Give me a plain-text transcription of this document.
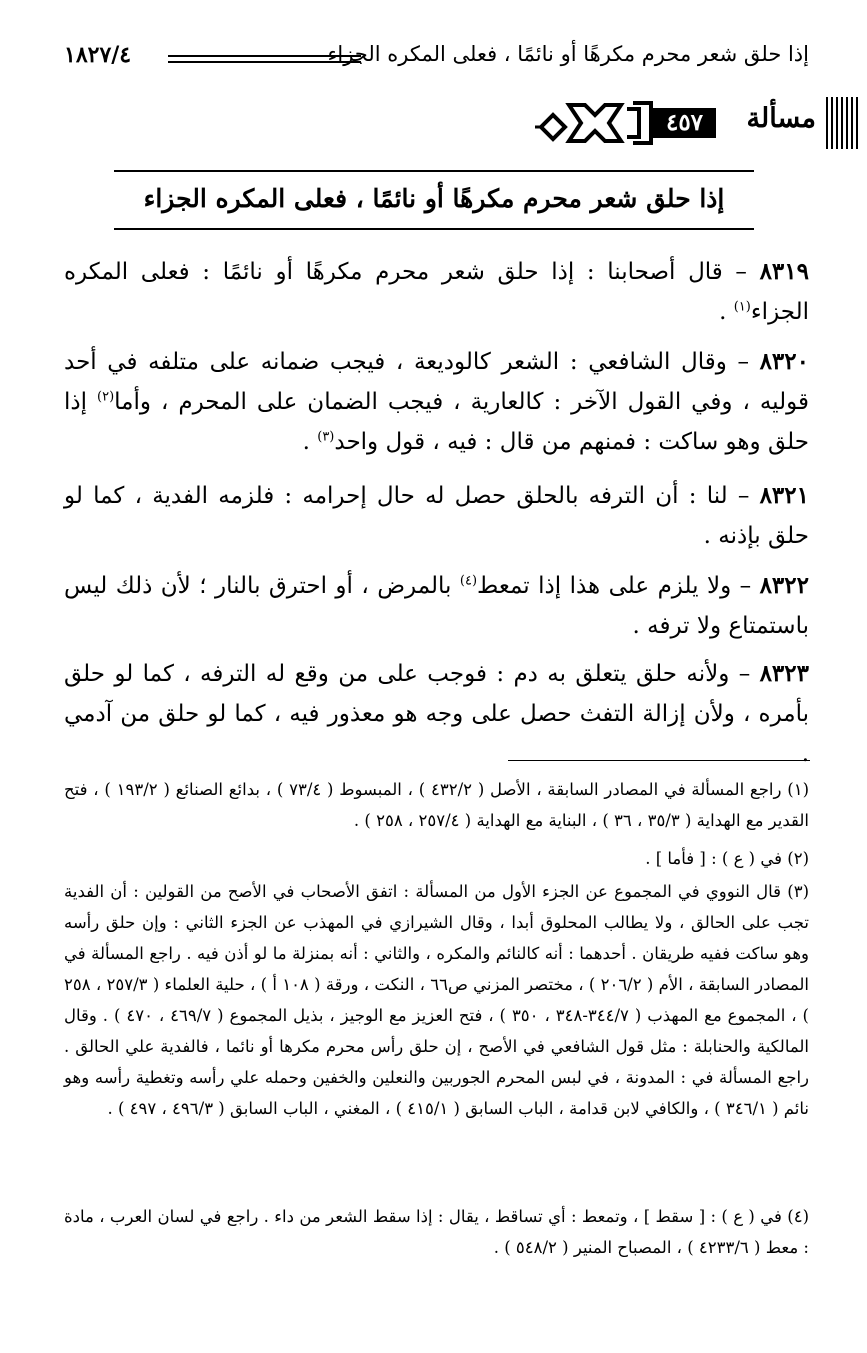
إذا حلق شعر محرم مكرهًا أو نائمًا ، فعلى المكره الجزاء
١٨٢٧/٤
مسألة
٤٥٧
إذا حلق شعر محرم مكرهًا أو نائمًا ، فعلى المكره الجزاء
٨٣١٩ – قال أصحابنا : إذا حلق شعر محرم مكرهًا أو نائمًا : فعلى المكره الجزاء$^{(١)}$ .
٨٣٢٠ – وقال الشافعي : الشعر كالوديعة ، فيجب ضمانه على متلفه في أحد قوليه ، وفي القول الآخر : كالعارية ، فيجب الضمان على المحرم ، وأما$^{(٢)}$ إذا حلق وهو ساكت : فمنهم من قال : فيه ، قول واحد$^{(٣)}$ .
٨٣٢١ – لنا : أن الترفه بالحلق حصل له حال إحرامه : فلزمه الفدية ، كما لو حلق بإذنه .
٨٣٢٢ – ولا يلزم على هذا إذا تمعط$^{(٤)}$ بالمرض ، أو احترق بالنار ؛ لأن ذلك ليس باستمتاع ولا ترفه .
٨٣٢٣ – ولأنه حلق يتعلق به دم : فوجب على من وقع له الترفه ، كما لو حلق بأمره ، ولأن إزالة التفث حصل على وجه هو معذور فيه ، كما لو حلق من آدمي .
(١) راجع المسألة في المصادر السابقة ، الأصل ( ٤٣٢/٢ ) ، المبسوط ( ٧٣/٤ ) ، بدائع الصنائع ( ١٩٣/٢ ) ، فتح القدير مع الهداية ( ٣٥/٣ ، ٣٦ ) ، البناية مع الهداية ( ٢٥٧/٤ ، ٢٥٨ ) .
(٢) في ( ع ) : [ فأما ] .
(٣) قال النووي في المجموع عن الجزء الأول من المسألة : اتفق الأصحاب في الأصح من القولين : أن الفدية تجب على الحالق ، ولا يطالب المحلوق أبدا ، وقال الشيرازي في المهذب عن الجزء الثاني : وإن حلق رأسه وهو ساكت ففيه طريقان . أحدهما : أنه كالنائم والمكره ، والثاني : أنه بمنزلة ما لو أذن فيه . راجع المسألة في المصادر السابقة ، الأم ( ٢٠٦/٢ ) ، مختصر المزني ص٦٦ ، النكت ، ورقة ( ١٠٨ أ ) ، حلية العلماء ( ٢٥٧/٣ ، ٢٥٨ ) ، المجموع مع المهذب ( ٣٤٤/٧-٣٤٨ ، ٣٥٠ ) ، فتح العزيز مع الوجيز ، بذيل المجموع ( ٤٦٩/٧ ، ٤٧٠ ) . وقال المالكية والحنابلة : مثل قول الشافعي في الأصح ، إن حلق رأس محرم مكرها أو نائما ، فالفدية علي الحالق . راجع المسألة في : المدونة ، في لبس المحرم الجوربين والنعلين والخفين وحمله علي رأسه وتغطية رأسه وهو نائم ( ٣٤٦/١ ) ، والكافي لابن قدامة ، الباب السابق ( ٤١٥/١ ) ، المغني ، الباب السابق ( ٤٩٦/٣ ، ٤٩٧ ) .
(٤) في ( ع ) : [ سقط ] ، وتمعط : أي تساقط ، يقال : إذا سقط الشعر من داء . راجع في لسان العرب ، مادة : معط ( ٤٢٣٣/٦ ) ، المصباح المنير ( ٥٤٨/٢ ) .
